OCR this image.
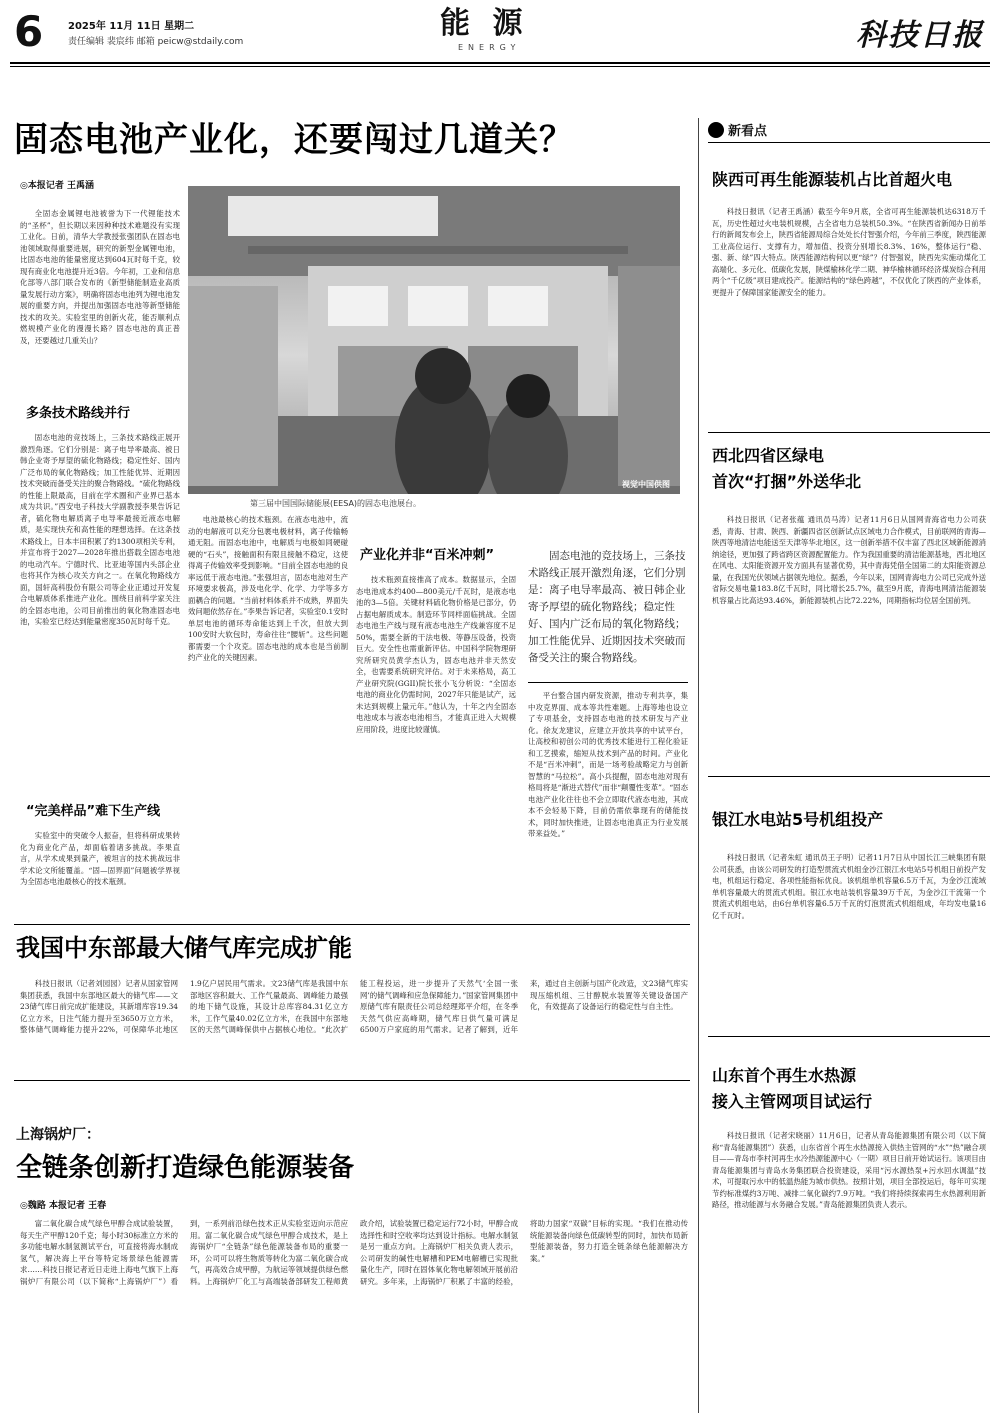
6 2025年 11月 11日 星期二
责任编辑 裴宸纬 邮箱 peicw@stdaily.com
能 源
ENERGY	科技日报
固态电池产业化，还要闯过几道关？
◎本报记者 王禹涵
全固态金属锂电池被誉为下一代锂能技术的“圣杯”，但长期以来因种种技术难题没有实现工业化。日前，清华大学教授张强团队在固态电池领域取得重要进展，研究的新型金属锂电池，比固态电池的能量密度达到604瓦时每千克，较现有商业化电池提升近3倍。今年初，工业和信息化部等八部门联合发布的《新型储能制造业高质量发展行动方案》，明确将固态电池列为锂电池发展的重要方向，并提出加强固态电池等新型储能技术的攻关。实验室里的创新火花，能否顺利点燃规模产业化的漫漫长路？固态电池的真正普及，还要越过几重关山？
多条技术路线并行
固态电池的竞技场上，三条技术路线正展开激烈角逐。它们分别是：离子电导率最高、被日韩企业寄予厚望的硫化物路线；稳定性好、国内广泛布局的氧化物路线；加工性能优异、近期因技术突破而备受关注的聚合物路线。“硫化物路线的性能上限最高，目前在学术圈和产业界已基本成为共识。”西安电子科技大学副教授李果告诉记者，硫化物电解质离子电导率最接近液态电解质，是实现快充和高性能的理想选择。在这条技术路线上，日本丰田积累了约1300项相关专利，并宣布将于2027—2028年推出搭载全固态电池的电动汽车。宁德时代、比亚迪等国内头部企业也将其作为核心攻关方向之一。在氧化物路线方面，国轩高科股份有限公司等企业正通过开发复合电解质体系推进产业化。围绕目前科学家关注的全固态电池，公司目前推出的氧化物准固态电池，实验室已经达到能量密度350瓦时每千克。
“完美样品”难下生产线
实验室中的突破令人振奋，但将科研成果转化为商业化产品，却面临着诸多挑战。李果直言，从学术成果到量产，被坦言的技术挑战远非学术论文所能覆盖。“固—固界面”问题被学界视为全固态电池最核心的技术瓶颈。
视觉中国供图
第三届中国国际储能展(EESA)的固态电池展台。
电池最核心的技术瓶颈。在液态电池中，流动的电解液可以充分包裹电极材料，离子传输畅通无阻。而固态电池中，电解质与电极如同硬碰硬的“石头”，接触面积有限且接触不稳定，这使得离子传输效率受到影响。“目前全固态电池的良率远低于液态电池。”张强坦言，固态电池对生产环境要求极高，涉及电化学、化学、力学等多方面耦合的问题。“当前材料体系并不成熟，界面失效问题依然存在。”李果告诉记者，实验室0.1安时单层电池的循环寿命能达到上千次，但放大到100安时大软包时，寿命往往“腰斩”。这些问题都需要一个个攻克。固态电池的成本也是当前制约产业化的关键因素。
技术瓶颈直接推高了成本。数据显示，全固态电池成本约400—800美元/千瓦时，是液态电池的3—5倍。关键材料硫化物价格是已部分，仍占据电解质成本。制造环节同样面临挑战。全固态电池生产线与现有液态电池生产线兼容度不足50%，需要全新的干法电极、等静压设备，投资巨大。安全性也需重新评估。中国科学院物理研究所研究员黄学杰认为，固态电池并非天然安全，也需要系统研究评估。对于未来格局，高工产业研究院(GGII)院长张小飞分析说：“全固态电池的商业化仍需时间，2027年只能是试产，远未达到规模上量元年。”他认为，十年之内全固态电池成本与液态电池相当，才能真正进入大规模应用阶段，进度比较谨慎。
产业化并非“百米冲刺”	固态电池的竞技场上，三条技术路线正展开激烈角逐，它们分别是：离子电导率最高、被日韩企业寄予厚望的硫化物路线；稳定性好、国内广泛布局的氧化物路线；加工性能优异、近期因技术突破而备受关注的聚合物路线。
平台整合国内研发资源，推动专利共享，集中攻克界面、成本等共性难题。上海等地也设立了专项基金，支持固态电池的技术研发与产业化。徐友龙建议，应建立开放共享的中试平台，让高校和初创公司的优秀技术能进行工程化验证和工艺摸索，缩短从技术到产品的时间。产业化不是“百米冲刺”，而是一场考验战略定力与创新智慧的“马拉松”。高小兵提醒，固态电池对现有格局将是“渐进式替代”而非“颠覆性变革”。“固态电池产业化往往也不会立即取代液态电池，其成本不会轻易下降，目前仍需依靠现有的储能技术，同时加快推进，让固态电池真正为行业发展带来益处。”
新看点
陕西可再生能源装机占比首超火电
科技日报讯（记者王禹涵）截至今年9月底，全省可再生能源装机达6318万千瓦，历史性超过火电装机规模，占全省电力总装机50.3%。“在陕西省新闻办日前举行的新闻发布会上，陕西省能源局综合处处长付智强介绍，今年前三季度，陕西能源工业高位运行、支撑有力，增加值、投资分别增长8.3%、16%，整体运行“稳、强、新、绿”四大特点。陕西能源结构何以更“绿”？付智强说，陕西先实施动煤化工高端化、多元化、低碳化发展，陕煤榆林化学二期、神华榆林循环经济煤炭综合利用两个“千亿级”项目建成投产。能源结构的“绿色跨越”，不仅优化了陕西的产业体系，更提升了保障国家能源安全的能力。
西北四省区绿电
首次“打捆”外送华北
科技日报讯（记者张蕴 通讯员马涛）记者11月6日从国网青海省电力公司获悉，青海、甘肃、陕西、新疆四省区创新试点区域电力合作模式，目前联网的青海—陕西等地清洁电能送至天津等华北地区，这一创新举措不仅丰富了西北区域新能源消纳途径，更加强了跨省跨区资源配置能力。作为我国重要的清洁能源基地，西北地区在风电、太阳能资源开发方面具有显著优势，其中青海凭借全国第二的太阳能资源总量，在我国光伏领域占据领先地位。据悉，今年以来，国网青海电力公司已完成外送省际交易电量183.8亿千瓦时，同比增长25.7%，截至9月底，青海电网清洁能源装机容量占比高达93.46%，新能源装机占比72.22%，同期指标均位居全国前列。
银江水电站5号机组投产
科技日报讯（记者朱虹 通讯员王子明）记者11月7日从中国长江三峡集团有限公司获悉，由该公司研发的打造型贯流式机组金沙江银江水电站5号机组日前投产发电，机组运行稳定、各项性能指标优良。该机组单机容量6.5万千瓦，为金沙江流域单机容量最大的贯流式机组。银江水电站装机容量39万千瓦，为金沙江干流第一个贯流式机组电站，由6台单机容量6.5万千瓦的灯泡贯流式机组组成，年均发电量16亿千瓦时。
山东首个再生水热源
接入主管网项目试运行
科技日报讯（记者宋晓丽）11月6日，记者从青岛能源集团有限公司（以下简称“青岛能源集团”）获悉，山东省首个再生水热源接入供热主管网的“水”“热”融合项目——青岛市李村河再生水冷热源能源中心（一期）项目日前开始试运行。该项目由青岛能源集团与青岛水务集团联合投资建设，采用“污水源热泵+污水回水调温”技术，可提取污水中的低温热能为城市供热。按照计划，项目全部投运后，每年可实现节约标准煤约3万吨、减排二氧化碳约7.9万吨。“我们将持续探索再生水热源利用新路径，推动能源与水务融合发展。”青岛能源集团负责人表示。
我国中东部最大储气库完成扩能
科技日报讯（记者刘园园）记者从国家管网集团获悉，我国中东部地区最大的储气库——文23储气库日前完成扩能建设，其新增库容19.34亿立方米，日注气能力提升至3650万立方米，整体储气调峰能力提升22%，可保障华北地区1.9亿户居民用气需求。文23储气库是我国中东部地区容积最大、工作气量最高、调峰能力最强的地下储气设施，其设计总库容84.31亿立方米，工作气量40.02亿立方米，在我国中东部地区的天然气调峰保供中占据核心地位。“此次扩能工程投运，进一步提升了天然气‘全国一张网’的储气调峰和应急保障能力。”国家管网集团中原储气库有限责任公司总经理郑平介绍，在冬季天然气供应高峰期，储气库日供气量可满足6500万户家庭的用气需求。记者了解到，近年来，通过自主创新与国产化改造，文23储气库实现压缩机组、三甘醇脱水装置等关键设备国产化，有效提高了设备运行的稳定性与自主性。
上海锅炉厂：
全链条创新打造绿色能源装备
◎魏路 本报记者 王春
富二氧化碳合成气绿色甲醇合成试验装置，每天生产甲醇120千克；每小时30标准立方米的多功能电解水制氢测试平台，可直接将海水制成氢气，解决海上平台等特定场景绿色能源需求……科技日报记者近日走进上海电气旗下上海锅炉厂有限公司（以下简称“上海锅炉厂”）看到，一系列前沿绿色技术正从实验室迈向示范应用。富二氧化碳合成气绿色甲醇合成技术，是上海锅炉厂“全链条”绿色能源装备布局的重要一环，公司可以将生物质等转化为富二氧化碳合成气，再高效合成甲醇，为航运等领域提供绿色燃料。上海锅炉厂化工与高端装备部研发工程师黄政介绍，试验装置已稳定运行72小时，甲醇合成选择性和时空收率均达到设计指标。电解水制氢是另一重点方向。上海锅炉厂相关负责人表示，公司研发的碱性电解槽和PEM电解槽已实现批量化生产，同时在固体氧化物电解领域开展前沿研究。多年来，上海锅炉厂积累了丰富的经验，将助力国家“双碳”目标的实现。“我们在推动传统能源装备向绿色低碳转型的同时，加快布局新型能源装备，努力打造全链条绿色能源解决方案。”
